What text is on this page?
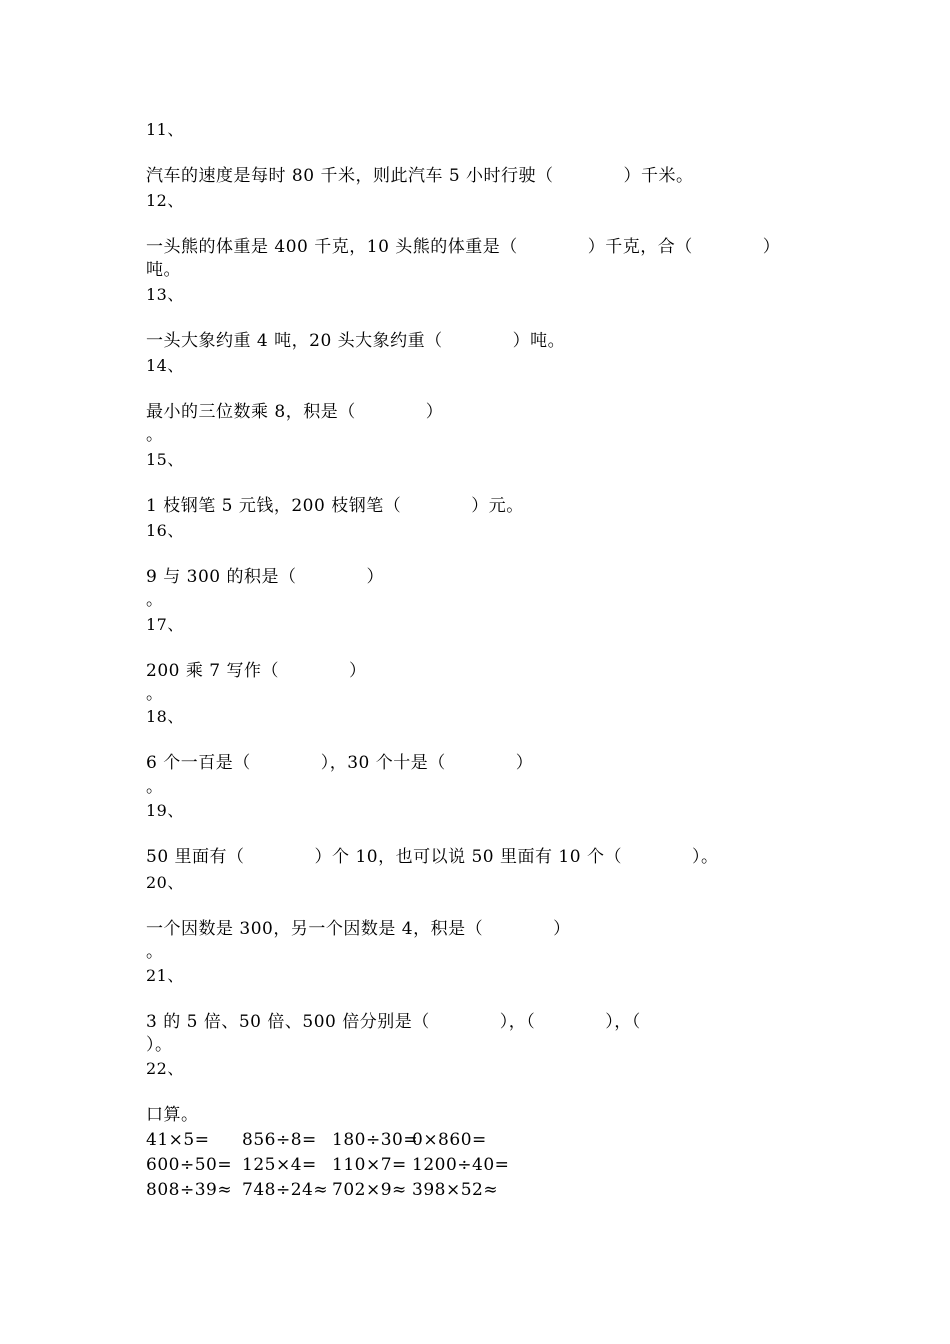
11、
汽车的速度是每时 80 千米，则此汽车 5 小时行驶（　　　　）千米。
12、
一头熊的体重是 400 千克，10 头熊的体重是（　　　　）千克，合（　　　　）
吨。
13、
一头大象约重 4 吨，20 头大象约重（　　　　）吨。
14、
最小的三位数乘 8，积是（　　　　）
。
15、
1 枝钢笔 5 元钱，200 枝钢笔（　　　　）元。
16、
9 与 300 的积是（　　　　）
。
17、
200 乘 7 写作（　　　　）
。
18、
6 个一百是（　　　　），30 个十是（　　　　）
。
19、
50 里面有（　　　　）个 10，也可以说 50 里面有 10 个（　　　　）。
20、
一个因数是 300，另一个因数是 4，积是（　　　　）
。
21、
3 的 5 倍、50 倍、500 倍分别是（　　　　），（　　　　），（
）。
22、
口算。
41×5= 856÷8= 180÷30=
0×860=
600÷50= 125×4= 110×7= 1200÷40=
808÷39≈ 748÷24≈ 702×9≈ 398×52≈
